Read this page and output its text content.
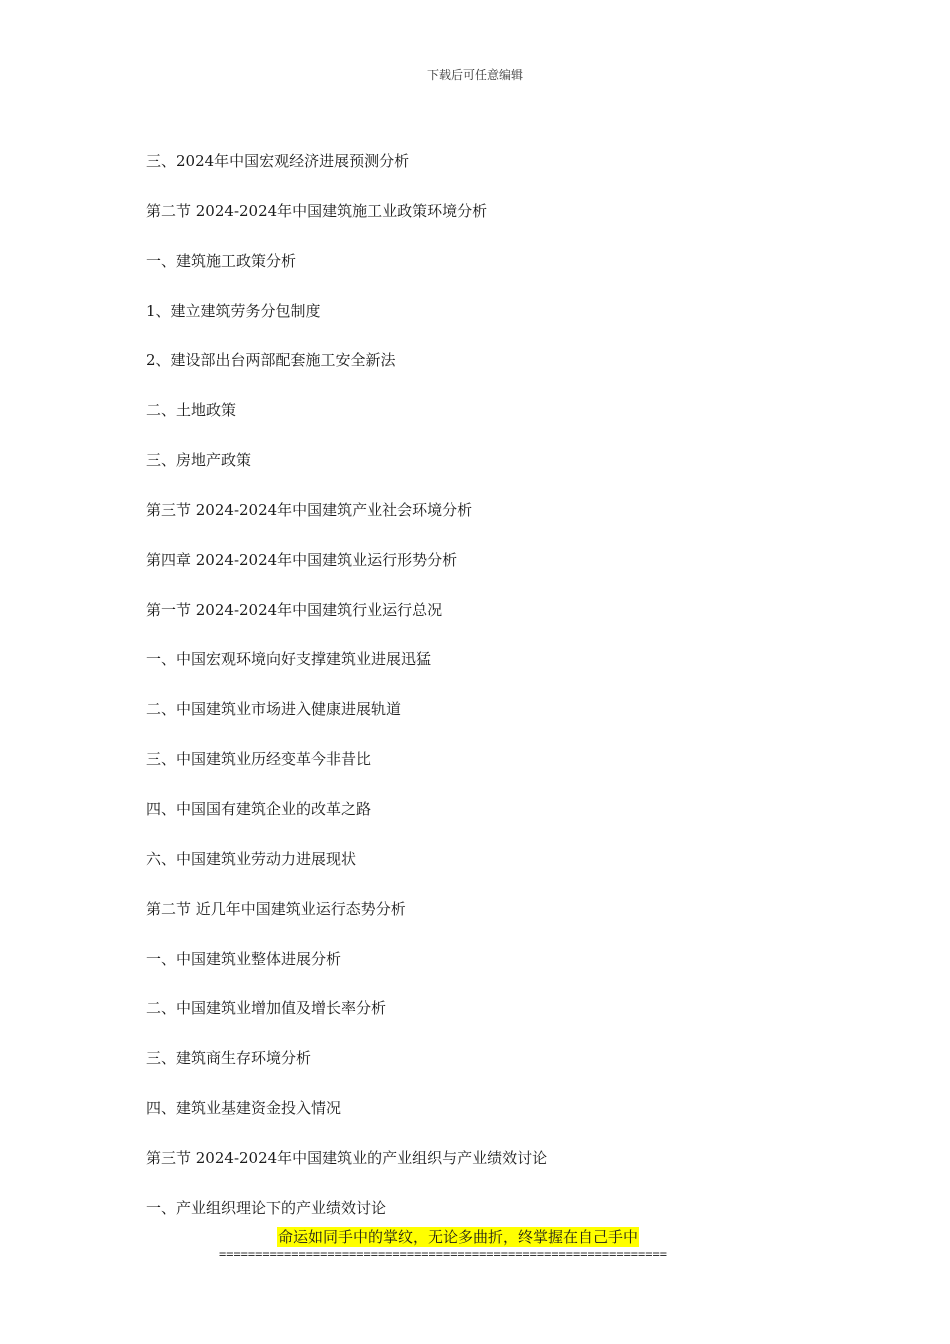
下载后可任意编辑
三、2024年中国宏观经济进展预测分析
第二节 2024-2024年中国建筑施工业政策环境分析
一、建筑施工政策分析
1、建立建筑劳务分包制度
2、建设部出台两部配套施工安全新法
二、土地政策
三、房地产政策
第三节 2024-2024年中国建筑产业社会环境分析
第四章 2024-2024年中国建筑业运行形势分析
第一节 2024-2024年中国建筑行业运行总况
一、中国宏观环境向好支撑建筑业进展迅猛
二、中国建筑业市场进入健康进展轨道
三、中国建筑业历经变革今非昔比
四、中国国有建筑企业的改革之路
六、中国建筑业劳动力进展现状
第二节 近几年中国建筑业运行态势分析
一、中国建筑业整体进展分析
二、中国建筑业增加值及增长率分析
三、建筑商生存环境分析
四、建筑业基建资金投入情况
第三节 2024-2024年中国建筑业的产业组织与产业绩效讨论
一、产业组织理论下的产业绩效讨论
命运如同手中的掌纹，无论多曲折，终掌握在自己手中
==============================================================
